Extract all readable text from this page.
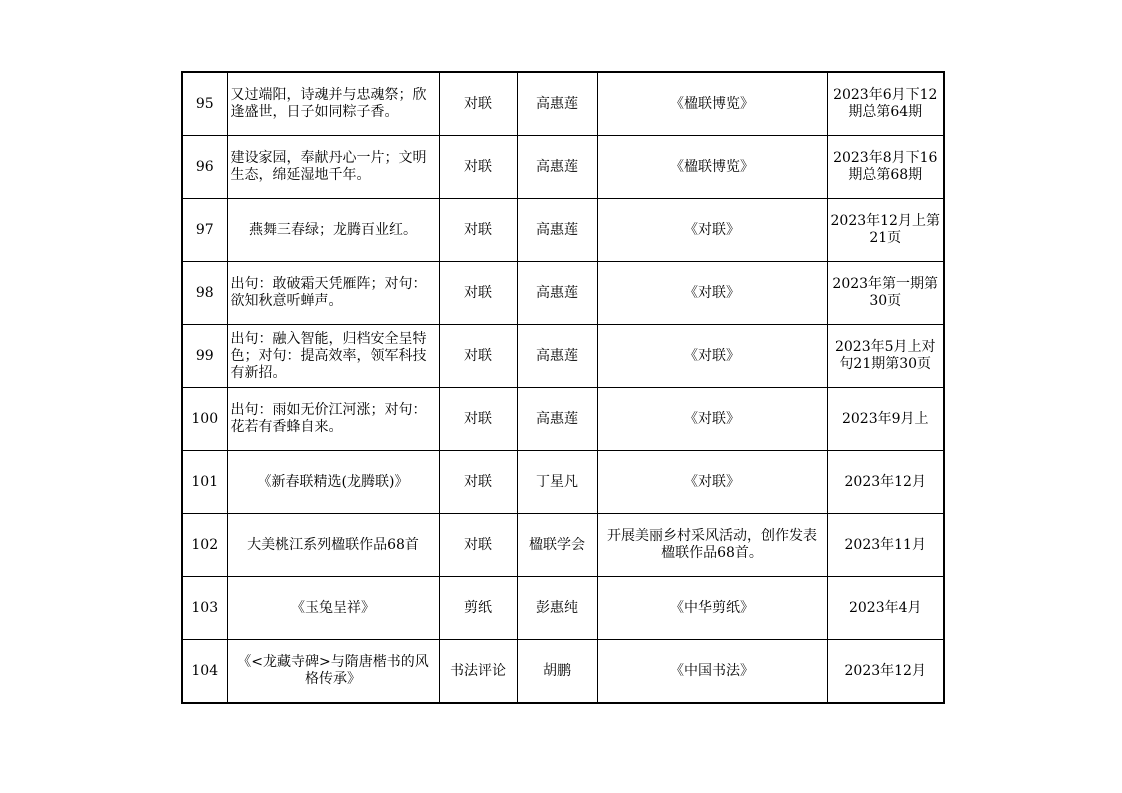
95	又过端阳，诗魂并与忠魂祭；欣逢盛世，日子如同粽子香。	对联	高惠莲	《楹联博览》	2023年6月下12期总第64期
96	建设家园，奉献丹心一片；文明生态，绵延湿地千年。	对联	高惠莲	《楹联博览》	2023年8月下16期总第68期
97	燕舞三春绿；龙腾百业红。	对联	高惠莲	《对联》	2023年12月上第21页
98	出句：敢破霜天凭雁阵；对句：欲知秋意听蝉声。	对联	高惠莲	《对联》	2023年第一期第30页
99	出句：融入智能，归档安全呈特色；对句：提高效率，领军科技有新招。	对联	高惠莲	《对联》	2023年5月上对句21期第30页
100	出句：雨如无价江河涨；对句：花若有香蜂自来。	对联	高惠莲	《对联》	2023年9月上
101	《新春联精选(龙腾联)》	对联	丁星凡	《对联》	2023年12月
102	大美桃江系列楹联作品68首	对联	楹联学会	开展美丽乡村采风活动，创作发表楹联作品68首。	2023年11月
103	《玉兔呈祥》	剪纸	彭惠纯	《中华剪纸》	2023年4月
104	《<龙藏寺碑>与隋唐楷书的风格传承》	书法评论	胡鹏	《中国书法》	2023年12月
